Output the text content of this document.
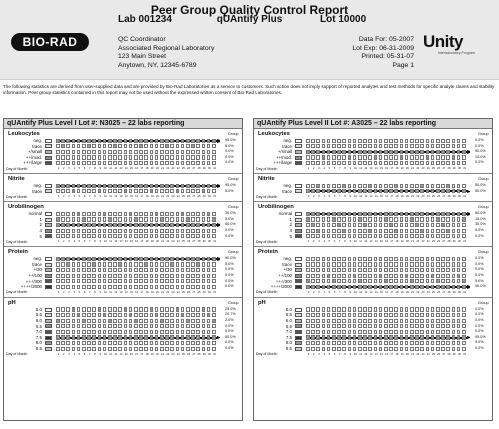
Peer Group Quality Control Report
Lab 001234	qUAntify Plus	Lot 10000
BIO-RAD	QC Coordinator
Associated Regional Laboratory
123 Main Street
Anytown, NY, 12345-6789
Data For: 05-2007
Lot Exp: 06-31-2009
Printed: 05-31-07
Page 1
Unity
Interlaboratory Program
The following statistics are derived from user-supplied data and are provided by Bio-Rad Laboratories as a service to customers. Such action does not imply support of reported analytes and test methods for specific analyte claims and stability information. Peer group statistics contained in this report may not be used without the expressed written consent of Bio-Rad Laboratories.
qUAntify Plus Level I Lot #: N3025 – 22 labs reporting
Leukocytes	Group
neg.	95.0%
trace	5.0%
+/small	0.0%
++/mod.	0.0%
+++/large	0.0%
Day of Month	1	2	3	4	5	6	7	8	9	10 11 12 13 14 15 16 17 18 19 20 21 22 23 24 25 26 27 28 29 30 31
Nitrite	Group
neg.	95.0%
trace	5.0%
Day of Month	1	2	3	4	5	6	7	8	9	10 11 12 13 14 15 16 17 18 19 20 21 22 23 24 25 26 27 28 29 30 31
Urobilinogen	Group
normal	30.0%
1	5.0%
2	60.0%
4	0.0%
5	0.0%
Day of Month	1	2	3	4	5	6	7	8	9	10 11 12 13 14 15 16 17 18 19 20 21 22 23 24 25 26 27 28 29 30 31
Protein	Group
neg.	90.0%
trace	5.0%
+/30	0.0%
++/100	0.0%
+++/300	0.0%
++++/2000	0.0%
Day of Month	1	2	3	4	5	6	7	8	9	10 11 12 13 14 15 16 17 18 19 20 21 22 23 24 25 26 27 28 29 30 31
pH	Group
5.0	25.0%
5.5	20.7%
6.0	2.0%
6.5	0.0%
7.0	0.0%
7.5	50.0%
8.0	0.0%
8.5	0.0%
Day of Month	1	2	3	4	5	6	7	8	9	10 11 12 13 14 15 16 17 18 19 20 21 22 23 24 25 26 27 28 29 30 31
qUAntify Plus Level II Lot #: A3025 – 22 labs reporting
Leukocytes	Group
neg.	0.0%
trace	0.0%
+/small	90.0%
++/mod.	10.0%
+++/large	0.0%
Day of Month	1	2	3	4	5	6	7	8	9	10 11 12 13 14 15 16 17 18 19 20 21 22 23 24 25 26 27 28 29 30 31
Nitrite	Group
neg.	50.0%
trace	50.0%
Day of Month	1	2	3	4	5	6	7	8	9	10 11 12 13 14 15 16 17 18 19 20 21 22 23 24 25 26 27 28 29 30 31
Urobilinogen	Group
normal	50.0%
1	15.0%
2	30.0%
4	5.0%
5	0.0%
Day of Month	1	2	3	4	5	6	7	8	9	10 11 12 13 14 15 16 17 18 19 20 21 22 23 24 25 26 27 28 29 30 31
Protein	Group
neg.	0.0%
trace	0.0%
+/30	0.0%
++/100	5.0%
+++/300	5.0%
++++/2000	90.0%
Day of Month	1	2	3	4	5	6	7	8	9	10 11 12 13 14 15 16 17 18 19 20 21 22 23 24 25 26 27 28 29 30 31
pH	Group
5.0	0.0%
5.5	0.0%
6.0	0.0%
6.5	0.0%
7.0	0.0%
7.5	95.0%
8.0	5.0%
8.5	0.0%
Day of Month	1	2	3	4	5	6	7	8	9	10 11 12 13 14 15 16 17 18 19 20 21 22 23 24 25 26 27 28 29 30 31
